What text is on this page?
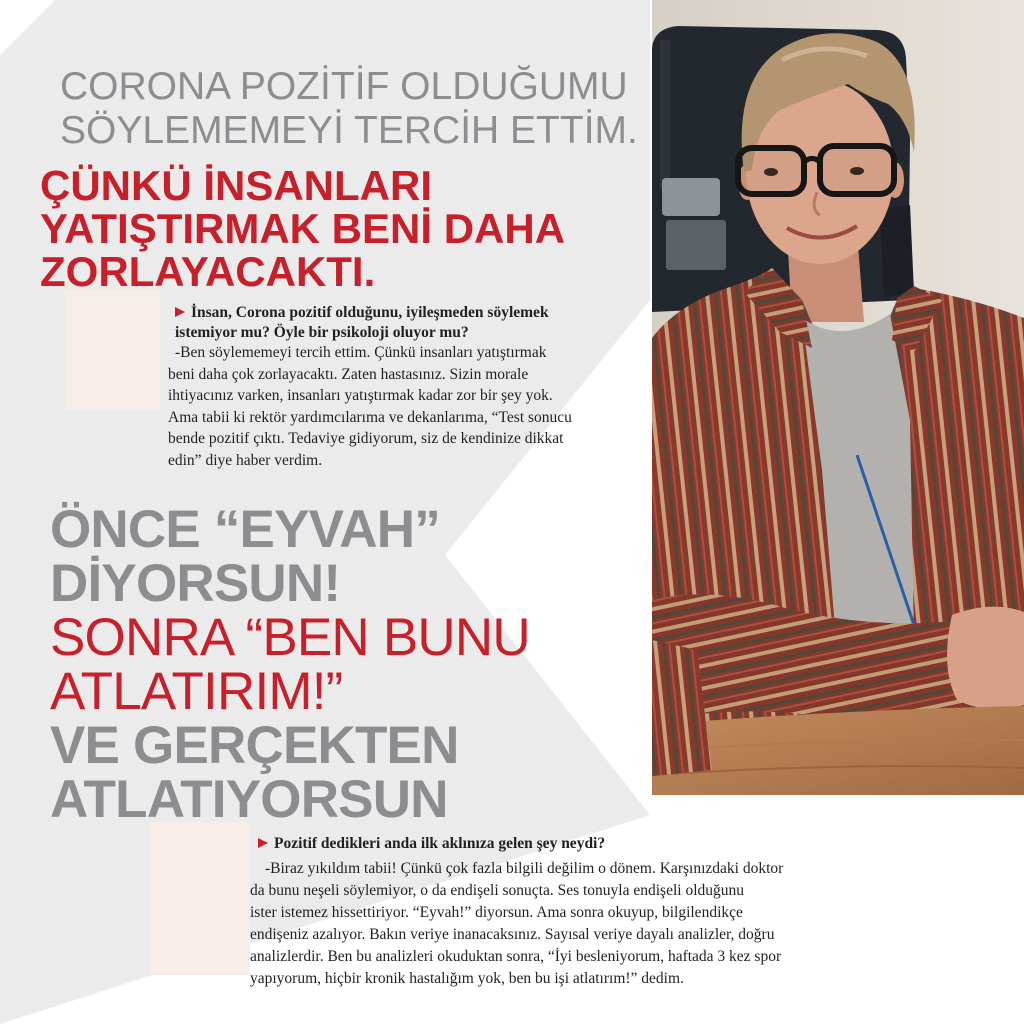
CORONA POZİTİF OLDUĞUMU
SÖYLEMEMEYİ TERCİH ETTİM.
ÇÜNKÜ İNSANLARI
YATIŞTIRMAK BENİ DAHA
ZORLAYACAKTI.
İnsan, Corona pozitif olduğunu, iyileşmeden söylemek
istemiyor mu? Öyle bir psikoloji oluyor mu?
-Ben söylememeyi tercih ettim. Çünkü insanları yatıştırmak
beni daha çok zorlayacaktı. Zaten hastasınız. Sizin morale
ihtiyacınız varken, insanları yatıştırmak kadar zor bir şey yok.
Ama tabii ki rektör yardımcılarıma ve dekanlarıma, “Test sonucu
bende pozitif çıktı. Tedaviye gidiyorum, siz de kendinize dikkat
edin” diye haber verdim.
ÖNCE “EYVAH”
DİYORSUN!
SONRA “BEN BUNU
ATLATIRIM!”
VE GERÇEKTEN
ATLATIYORSUN
Pozitif dedikleri anda ilk aklınıza gelen şey neydi?
-Biraz yıkıldım tabii! Çünkü çok fazla bilgili değilim o dönem. Karşınızdaki doktor
da bunu neşeli söylemiyor, o da endişeli sonuçta. Ses tonuyla endişeli olduğunu
ister istemez hissettiriyor. “Eyvah!” diyorsun. Ama sonra okuyup, bilgilendikçe
endişeniz azalıyor. Bakın veriye inanacaksınız. Sayısal veriye dayalı analizler, doğru
analizlerdir. Ben bu analizleri okuduktan sonra, “İyi besleniyorum, haftada 3 kez spor
yapıyorum, hiçbir kronik hastalığım yok, ben bu işi atlatırım!” dedim.
